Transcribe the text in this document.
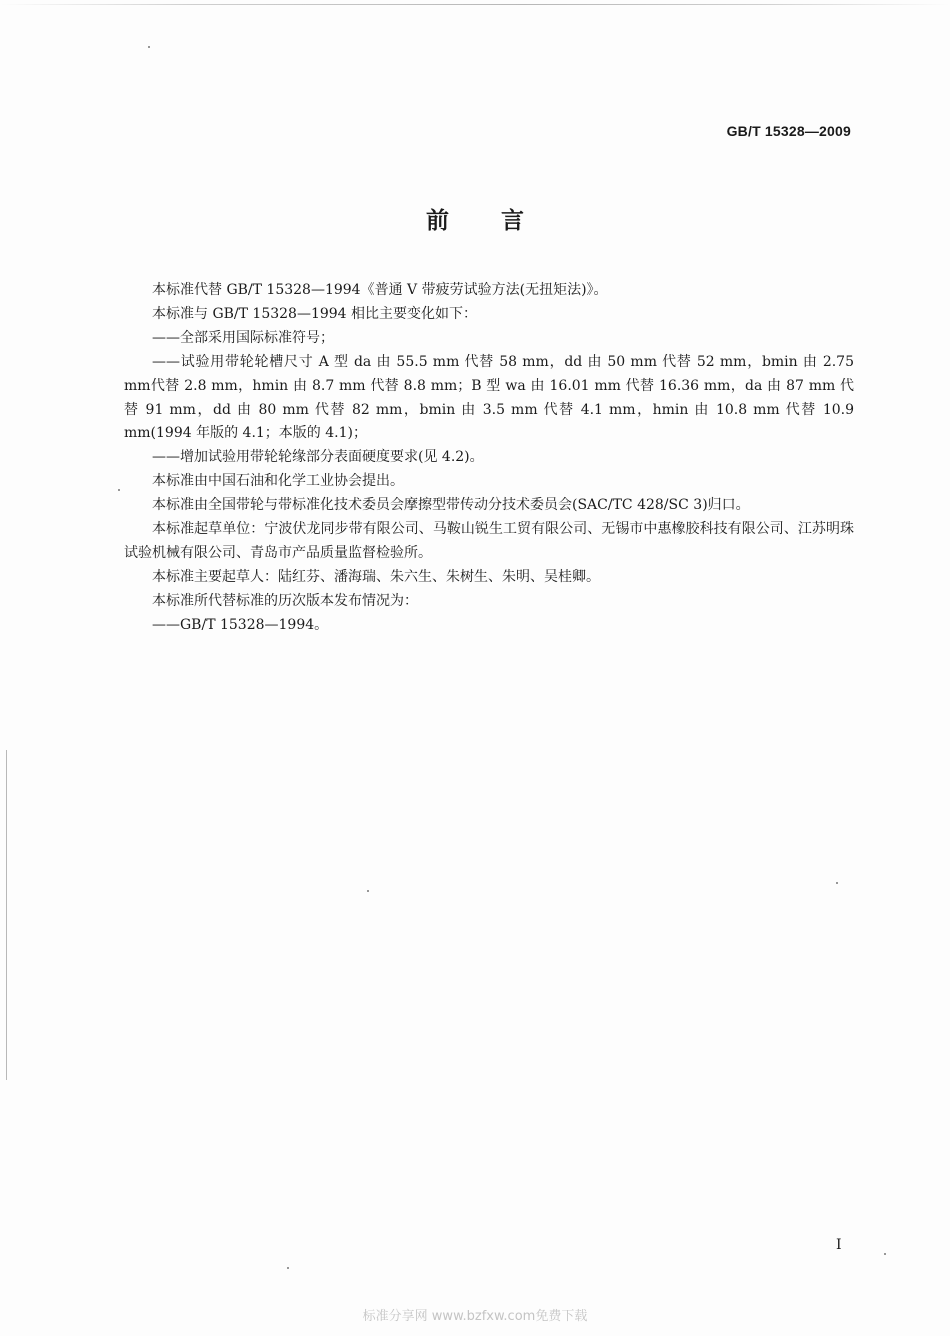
GB/T 15328—2009
前言

本标准代替 GB/T 15328—1994《普通 V 带疲劳试验方法(无扭矩法)》。

本标准与 GB/T 15328—1994 相比主要变化如下：

——全部采用国际标准符号；

——试验用带轮轮槽尺寸 A 型 da 由 55.5 mm 代替 58 mm，dd 由 50 mm 代替 52 mm，bmin 由 2.75 mm代替 2.8 mm，hmin 由 8.7 mm 代替 8.8 mm；B 型 wa 由 16.01 mm 代替 16.36 mm，da 由 87 mm 代替 91 mm，dd 由 80 mm 代替 82 mm，bmin 由 3.5 mm 代替 4.1 mm，hmin 由 10.8 mm 代替 10.9 mm(1994 年版的 4.1；本版的 4.1)；

——增加试验用带轮轮缘部分表面硬度要求(见 4.2)。

本标准由中国石油和化学工业协会提出。

本标准由全国带轮与带标准化技术委员会摩擦型带传动分技术委员会(SAC/TC 428/SC 3)归口。

本标准起草单位：宁波伏龙同步带有限公司、马鞍山锐生工贸有限公司、无锡市中惠橡胶科技有限公司、江苏明珠试验机械有限公司、青岛市产品质量监督检验所。

本标准主要起草人：陆红芬、潘海瑞、朱六生、朱树生、朱明、吴桂卿。

本标准所代替标准的历次版本发布情况为：

——GB/T 15328—1994。

I
标准分享网 www.bzfxw.com免费下载
